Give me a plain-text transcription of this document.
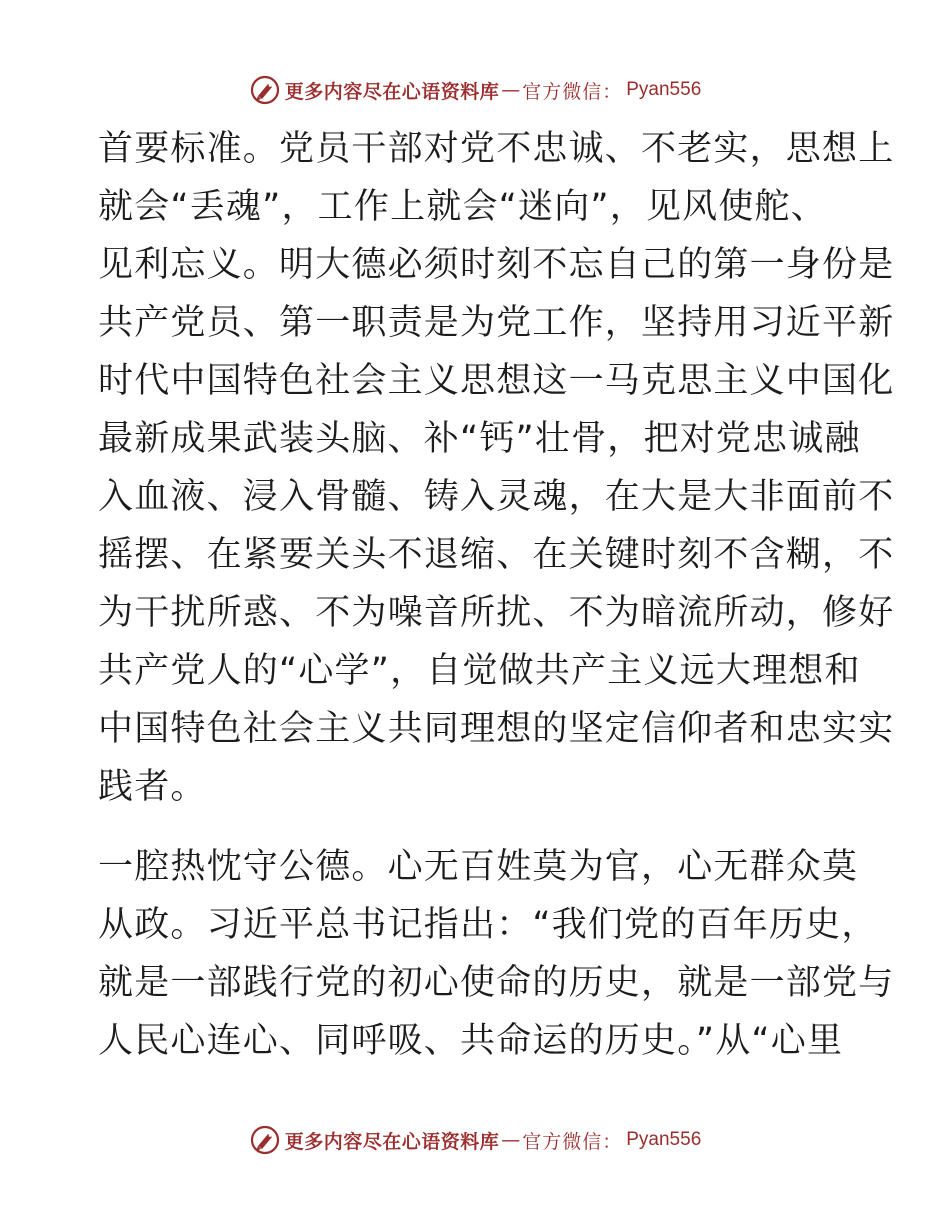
更多内容尽在心语资料库 — 官方微信： Pyan556
首要标准。党员干部对党不忠诚、不老实，思想上
就会“丢魂”，工作上就会“迷向”，见风使舵、
见利忘义。明大德必须时刻不忘自己的第一身份是
共产党员、第一职责是为党工作，坚持用习近平新
时代中国特色社会主义思想这一马克思主义中国化
最新成果武装头脑、补“钙”壮骨，把对党忠诚融
入血液、浸入骨髓、铸入灵魂，在大是大非面前不
摇摆、在紧要关头不退缩、在关键时刻不含糊，不
为干扰所惑、不为噪音所扰、不为暗流所动，修好
共产党人的“心学”，自觉做共产主义远大理想和
中国特色社会主义共同理想的坚定信仰者和忠实实
践者。
一腔热忱守公德。心无百姓莫为官，心无群众莫
从政。习近平总书记指出：“我们党的百年历史，
就是一部践行党的初心使命的历史，就是一部党与
人民心连心、同呼吸、共命运的历史。”从“心里
更多内容尽在心语资料库 — 官方微信： Pyan556
